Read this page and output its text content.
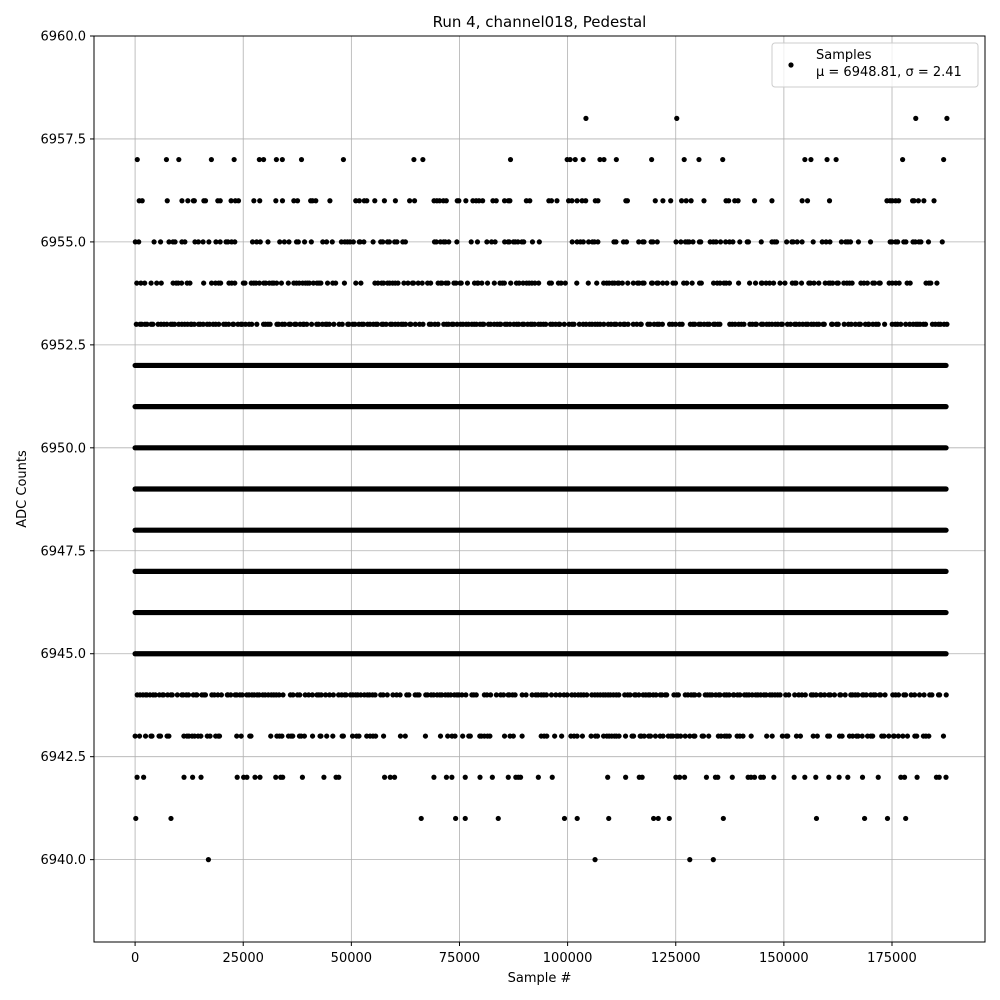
0	25000	50000	75000	100000	125000	150000	175000
6940.0
6942.5
6945.0
6947.5
6950.0
6952.5
6955.0
6957.5
6960.0
Run 4, channel018, Pedestal
Sample #
ADC Counts
Samples
μ = 6948.81, σ = 2.41
